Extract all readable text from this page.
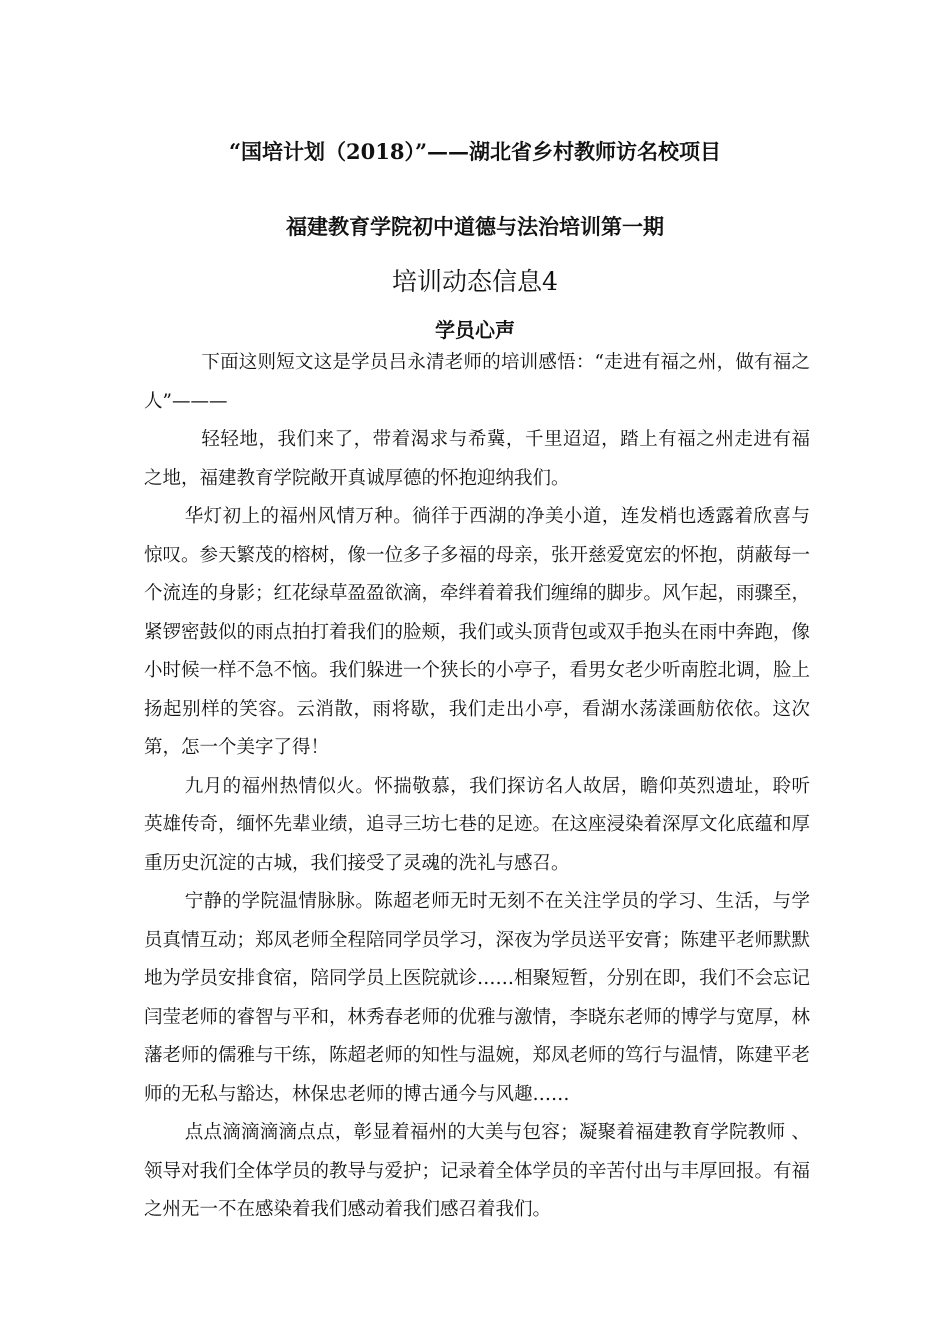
“国培计划（2018）”——湖北省乡村教师访名校项目
福建教育学院初中道德与法治培训第一期
培训动态信息4
学员心声

下面这则短文这是学员吕永清老师的培训感悟：“走进有福之州，做有福之人”———

轻轻地，我们来了，带着渴求与希冀，千里迢迢，踏上有福之州走进有福之地，福建教育学院敞开真诚厚德的怀抱迎纳我们。

华灯初上的福州风情万种。徜徉于西湖的净美小道，连发梢也透露着欣喜与惊叹。参天繁茂的榕树，像一位多子多福的母亲，张开慈爱宽宏的怀抱，荫蔽每一个流连的身影；红花绿草盈盈欲滴，牵绊着着我们缠绵的脚步。风乍起，雨骤至，紧锣密鼓似的雨点拍打着我们的脸颊，我们或头顶背包或双手抱头在雨中奔跑，像小时候一样不急不恼。我们躲进一个狭长的小亭子，看男女老少听南腔北调，脸上扬起别样的笑容。云消散，雨将歇，我们走出小亭，看湖水荡漾画舫依依。这次第，怎一个美字了得！

九月的福州热情似火。怀揣敬慕，我们探访名人故居，瞻仰英烈遗址，聆听英雄传奇，缅怀先辈业绩，追寻三坊七巷的足迹。在这座浸染着深厚文化底蕴和厚重历史沉淀的古城，我们接受了灵魂的洗礼与感召。

宁静的学院温情脉脉。陈超老师无时无刻不在关注学员的学习、生活，与学员真情互动；郑凤老师全程陪同学员学习，深夜为学员送平安膏；陈建平老师默默地为学员安排食宿，陪同学员上医院就诊……相聚短暂，分别在即，我们不会忘记闫莹老师的睿智与平和，林秀春老师的优雅与激情，李晓东老师的博学与宽厚，林藩老师的儒雅与干练，陈超老师的知性与温婉，郑凤老师的笃行与温情，陈建平老师的无私与豁达，林保忠老师的博古通今与风趣……

点点滴滴滴滴点点，彰显着福州的大美与包容；凝聚着福建教育学院教师 、领导对我们全体学员的教导与爱护；记录着全体学员的辛苦付出与丰厚回报。有福之州无一不在感染着我们感动着我们感召着我们。
